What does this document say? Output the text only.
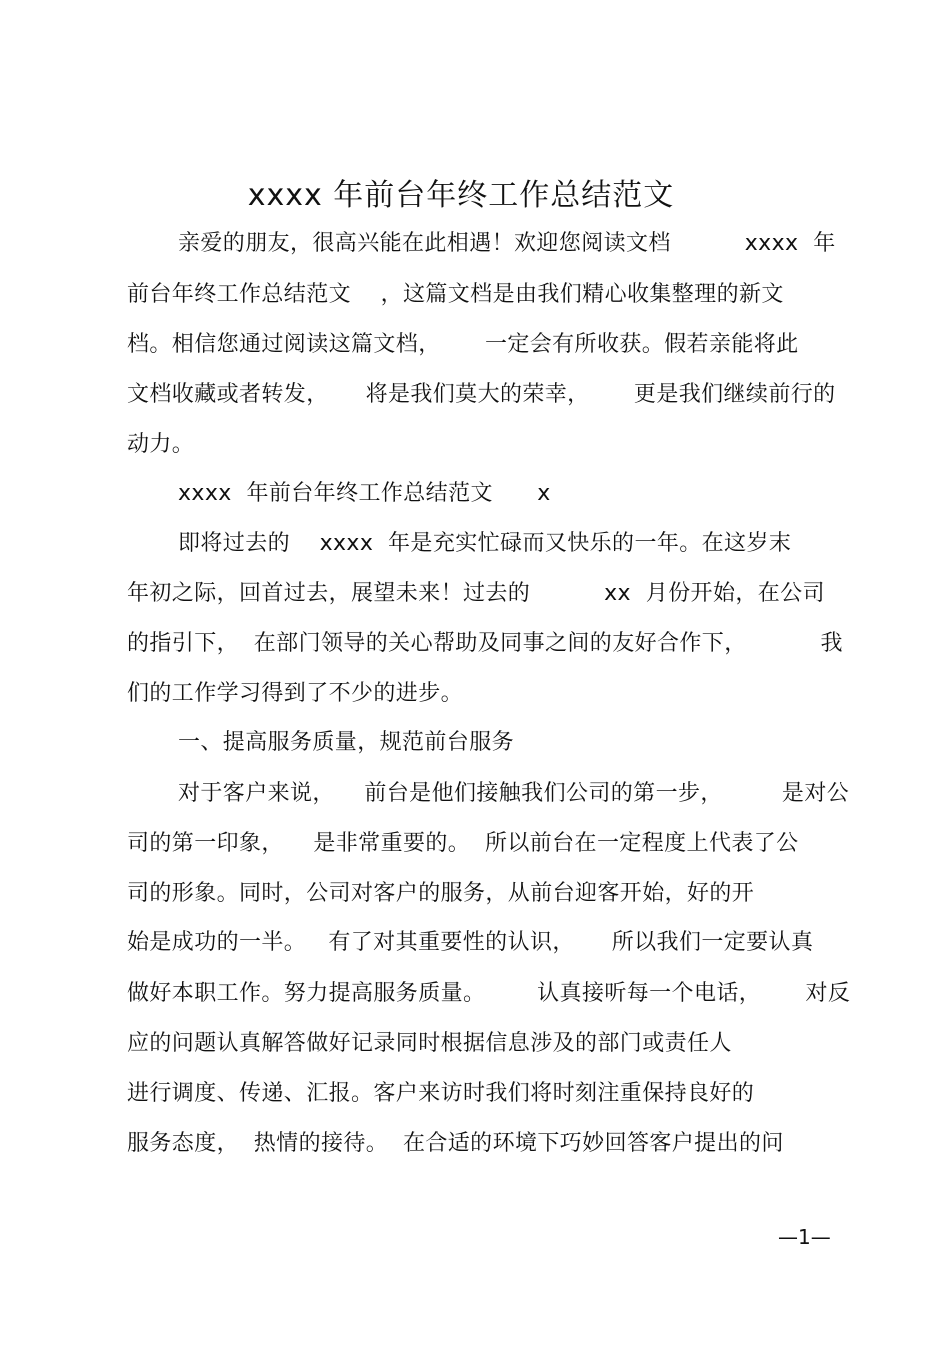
xxxx 年前台年终工作总结范文
亲爱的朋友，很高兴能在此相遇！欢迎您阅读文档          xxxx  年
前台年终工作总结范文    ，这篇文档是由我们精心收集整理的新文
档。相信您通过阅读这篇文档，      一定会有所收获。假若亲能将此
文档收藏或者转发，     将是我们莫大的荣幸，      更是我们继续前行的
动力。
xxxx  年前台年终工作总结范文      x
即将过去的    xxxx  年是充实忙碌而又快乐的一年。在这岁末
年初之际，回首过去，展望未来！过去的          xx  月份开始，在公司
的指引下，  在部门领导的关心帮助及同事之间的友好合作下，          我
们的工作学习得到了不少的进步。
一、提高服务质量，规范前台服务
对于客户来说，    前台是他们接触我们公司的第一步，        是对公
司的第一印象，    是非常重要的。  所以前台在一定程度上代表了公
司的形象。同时，公司对客户的服务，从前台迎客开始，好的开
始是成功的一半。   有了对其重要性的认识，     所以我们一定要认真
做好本职工作。努力提高服务质量。       认真接听每一个电话，      对反
应的问题认真解答做好记录同时根据信息涉及的部门或责任人
进行调度、传递、汇报。客户来访时我们将时刻注重保持良好的
服务态度，  热情的接待。  在合适的环境下巧妙回答客户提出的问
—1—
